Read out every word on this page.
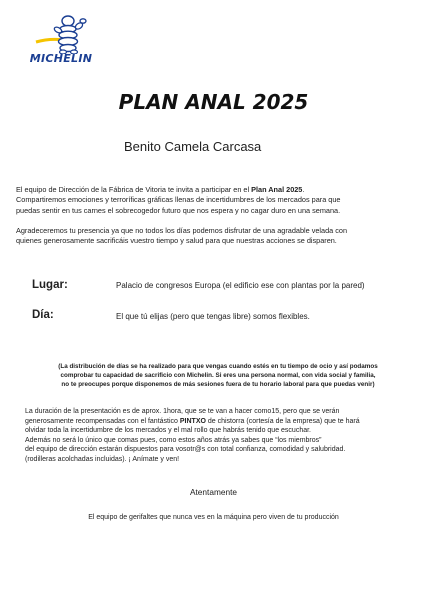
MICHELIN
PLAN ANAL 2025
Benito Camela Carcasa
El equipo de Dirección de la Fábrica de Vitoria te invita a participar en el Plan Anal 2025.
Compartiremos emociones y terroríficas gráficas llenas de incertidumbres de los mercados para que
puedas sentir en tus carnes el sobrecogedor futuro que nos espera y no cagar duro en una semana.
Agradeceremos tu presencia ya que no todos los días podemos disfrutar de una agradable velada con
quienes generosamente sacrificáis vuestro tiempo y salud para que nuestras acciones se disparen.
Lugar:	Palacio de congresos Europa (el edificio ese con plantas por la pared)
Día:	El que tú elijas (pero que tengas libre) somos flexibles.
(La distribución de días se ha realizado para que vengas cuando estés en tu tiempo de ocio y así podamos
comprobar tu capacidad de sacrificio con Michelin. Si eres una persona normal, con vida social y familia,
no te preocupes porque disponemos de más sesiones fuera de tu horario laboral para que puedas venir)
La duración de la presentación es de aprox. 1hora, que se te van a hacer como15, pero que se verán
generosamente recompensadas con el fantástico PINTXO de chistorra (cortesía de la empresa) que te hará
olvidar toda la incertidumbre de los mercados y el mal rollo que habrás tenido que escuchar.
Además no será lo único que comas pues, como estos años atrás ya sabes que “los miembros”
del equipo de dirección estarán dispuestos para vosotr@s con total confianza, comodidad y salubridad.
(rodilleras acolchadas incluidas). ¡ Anímate y ven!
Atentamente
El equipo de gerifaltes que nunca ves en la máquina pero viven de tu producción
